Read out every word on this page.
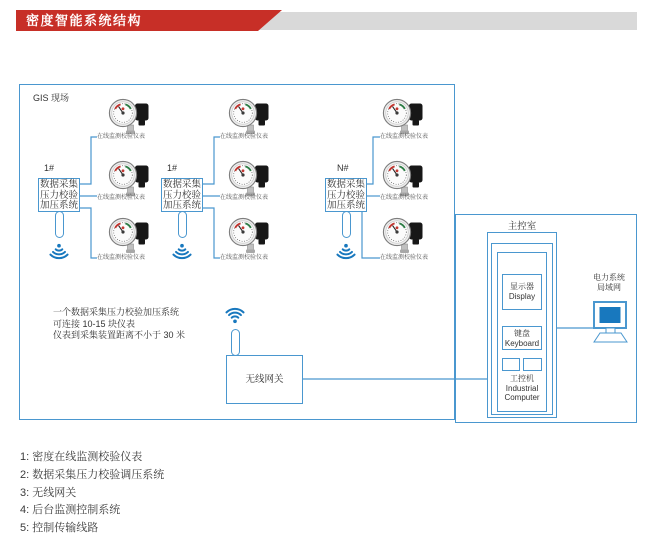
密度智能系统结构
GIS 现场
1#
数据采集
压力校验
加压系统
在线监测校验仪表
在线监测校验仪表
在线监测校验仪表
1#
数据采集
压力校验
加压系统
在线监测校验仪表
在线监测校验仪表
在线监测校验仪表
N#
数据采集
压力校验
加压系统
在线监测校验仪表
在线监测校验仪表
在线监测校验仪表
一个数据采集压力校验加压系统
可连接 10-15 块仪表
仪表到采集装置距离不小于 30 米
无线网关
主控室
显示器
Display
键盘
Keyboard
工控机
Industrial
Computer
电力系统
局域网
1: 密度在线监测校验仪表
2: 数据采集压力校验调压系统
3: 无线网关
4: 后台监测控制系统
5: 控制传输线路
